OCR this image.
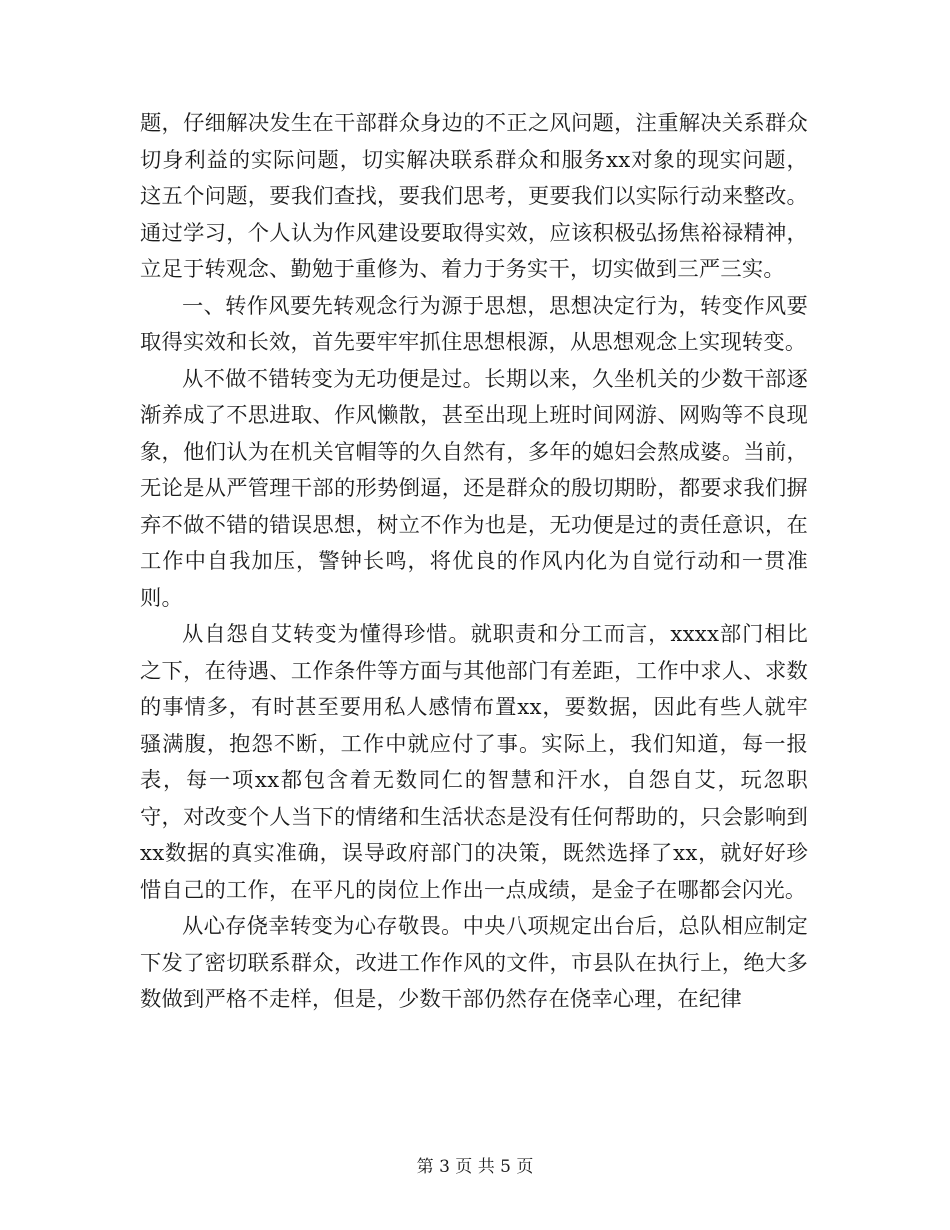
题，仔细解决发生在干部群众身边的不正之风问题，注重解决关系群众切身利益的实际问题，切实解决联系群众和服务xx对象的现实问题，这五个问题，要我们查找，要我们思考，更要我们以实际行动来整改。通过学习，个人认为作风建设要取得实效，应该积极弘扬焦裕禄精神，立足于转观念、勤勉于重修为、着力于务实干，切实做到三严三实。

一、转作风要先转观念行为源于思想，思想决定行为，转变作风要取得实效和长效，首先要牢牢抓住思想根源，从思想观念上实现转变。

从不做不错转变为无功便是过。长期以来，久坐机关的少数干部逐渐养成了不思进取、作风懒散，甚至出现上班时间网游、网购等不良现象，他们认为在机关官帽等的久自然有，多年的媳妇会熬成婆。当前，无论是从严管理干部的形势倒逼，还是群众的殷切期盼，都要求我们摒弃不做不错的错误思想，树立不作为也是，无功便是过的责任意识，在工作中自我加压，警钟长鸣，将优良的作风内化为自觉行动和一贯准则。

从自怨自艾转变为懂得珍惜。就职责和分工而言，xxxx部门相比之下，在待遇、工作条件等方面与其他部门有差距，工作中求人、求数的事情多，有时甚至要用私人感情布置xx，要数据，因此有些人就牢骚满腹，抱怨不断，工作中就应付了事。实际上，我们知道，每一报表，每一项xx都包含着无数同仁的智慧和汗水，自怨自艾，玩忽职守，对改变个人当下的情绪和生活状态是没有任何帮助的，只会影响到xx数据的真实准确，误导政府部门的决策，既然选择了xx，就好好珍惜自己的工作，在平凡的岗位上作出一点成绩，是金子在哪都会闪光。

从心存侥幸转变为心存敬畏。中央八项规定出台后，总队相应制定下发了密切联系群众，改进工作作风的文件，市县队在执行上，绝大多数做到严格不走样，但是，少数干部仍然存在侥幸心理，在纪律

第 3 页 共 5 页
